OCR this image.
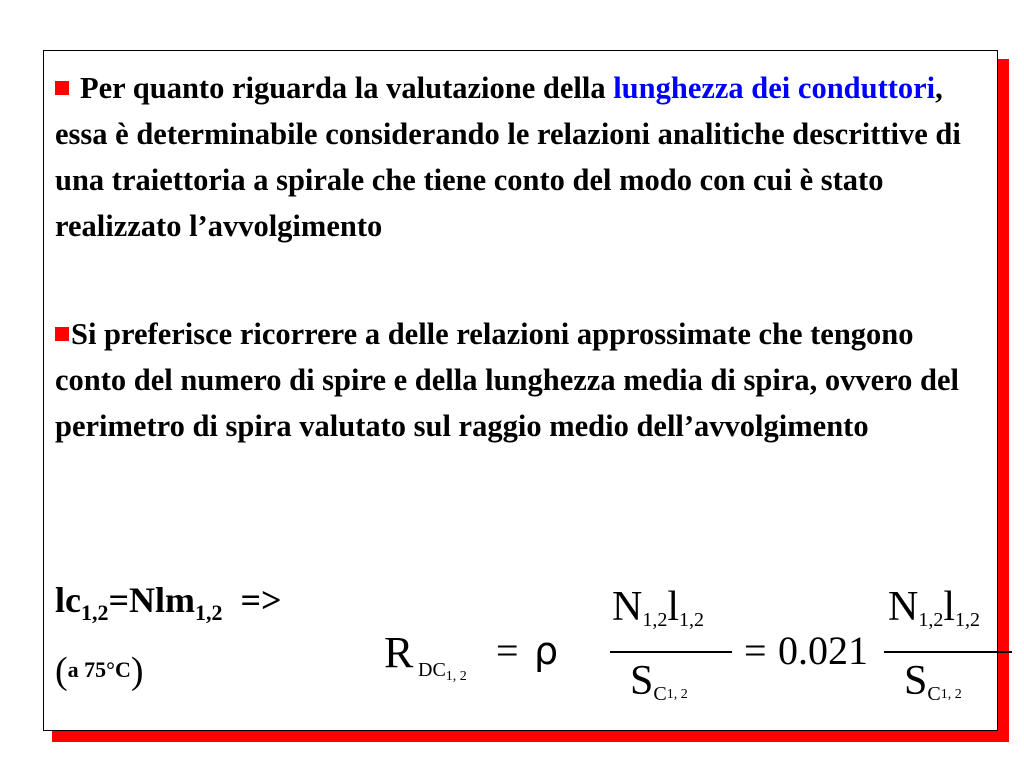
Per quanto riguarda la valutazione della lunghezza dei conduttori, essa è determinabile considerando le relazioni analitiche descrittive di una traiettoria a spirale che tiene conto del modo con cui è stato realizzato l’avvolgimento

Si preferisce ricorrere a delle relazioni approssimate che tengono conto del numero di spire e della lunghezza media di spira, ovvero del perimetro di spira valutato sul raggio medio dell’avvolgimento

$lc_{1,2}=Nlm_{1,2}$ =>
(a 75°C)	R $DC_{1, 2}$
= ρ
N1,2l1,2
SC1, 2
= 0.021
N1,2l1,2
SC1, 2
